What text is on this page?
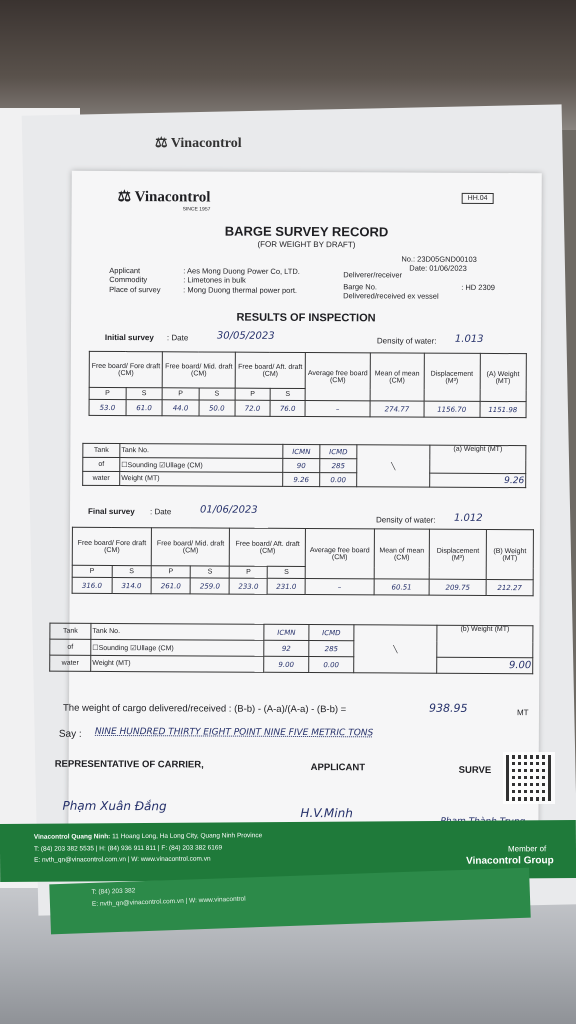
⚖ Vinacontrol
⚖ Vinacontrol
SINCE 1957
HH.04
BARGE SURVEY RECORD
(FOR WEIGHT BY DRAFT)
No.: 23D05GND00103
Date: 01/06/2023
Applicant	: Aes Mong Duong Power Co, LTD.
Commodity	: Limetones in bulk
Place of survey	: Mong Duong thermal power port.
Deliverer/receiver
Barge No.	: HD 2309
Delivered/received ex vessel
RESULTS OF INSPECTION
Initial survey : Date	30/05/2023	Density of water: 1.013
Free board/ Fore draft (CM)		Free board/ Mid. draft (CM)		Free board/ Aft. draft (CM)		Average free board (CM)	Mean of mean (CM)	Displacement (M³)	(A) Weight (MT)
P	S	P	S	P	S				
53.0	61.0	44.0	50.0	72.0	76.0	–	274.77	1156.70	1151.98
Tank	Tank No.	ICMN	ICMD	╲	(a) Weight (MT)
of	☐Sounding ☑Ullage (CM)	90	285		
water	Weight (MT)	9.26	0.00		9.26
Final survey : Date	01/06/2023
Density of water: 1.012
Free board/ Fore draft (CM)		Free board/ Mid. draft (CM)		Free board/ Aft. draft (CM)		Average free board (CM)	Mean of mean (CM)	Displacement (M³)	(B) Weight (MT)
P	S	P	S	P	S				
316.0	314.0	261.0	259.0	233.0	231.0	–	60.51	209.75	212.27
Tank	Tank No.	ICMN	ICMD	╲	(b) Weight (MT)
of	☐Sounding ☑Ullage (CM)	92	285		
water	Weight (MT)	9.00	0.00		9.00
The weight of cargo delivered/received : (B-b) - (A-a)/(A-a) - (B-b) =	938.95	MT
Say : NINE HUNDRED THIRTY EIGHT POINT NINE FIVE METRIC TONS
REPRESENTATIVE OF CARRIER,	APPLICANT	SURVE
Phạm Xuân Đắng	H.V.Minh
Vinacontrol Quang Ninh: 11 Hoang Long, Ha Long City, Quang Ninh Province
T: (84) 203 382 5535 | H: (84) 936 911 811 | F: (84) 203 382 6169
E: nvth_qn@vinacontrol.com.vn | W: www.vinacontrol.com.vn
Member of
Vinacontrol Group
T: (84) 203 382
E: nvth_qn@vinacontrol.com.vn | W: www.vinacontrol
